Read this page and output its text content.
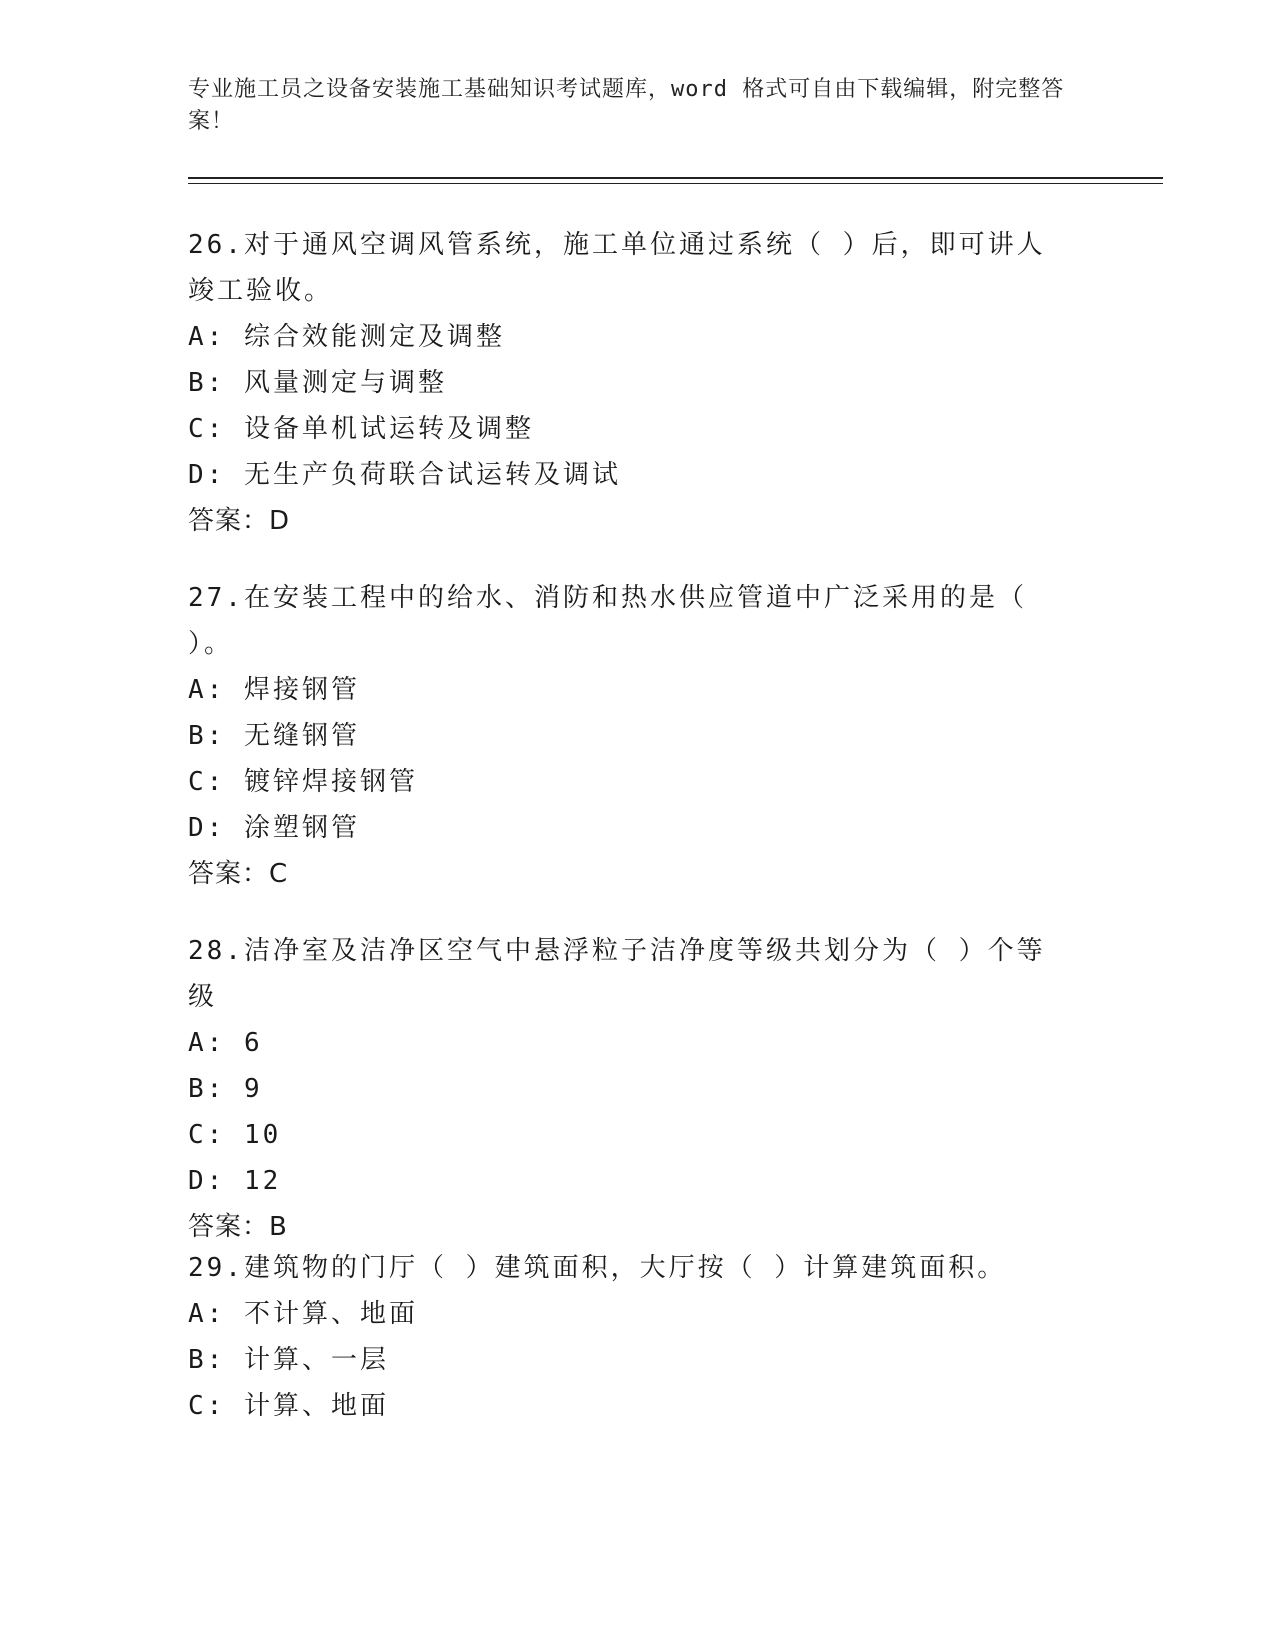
专业施工员之设备安装施工基础知识考试题库，word 格式可自由下载编辑，附完整答案！

26.对于通风空调风管系统，施工单位通过系统（ ）后，即可讲人竣工验收。

A: 综合效能测定及调整

B: 风量测定与调整

C: 设备单机试运转及调整

D: 无生产负荷联合试运转及调试

答案：D

27.在安装工程中的给水、消防和热水供应管道中广泛采用的是（ ）。

A: 焊接钢管

B: 无缝钢管

C: 镀锌焊接钢管

D: 涂塑钢管

答案：C

28.洁净室及洁净区空气中悬浮粒子洁净度等级共划分为（ ）个等级

A: 6

B: 9

C: 10

D: 12

答案：B

29.建筑物的门厅（ ）建筑面积，大厅按（ ）计算建筑面积。

A: 不计算、地面

B: 计算、一层

C: 计算、地面
